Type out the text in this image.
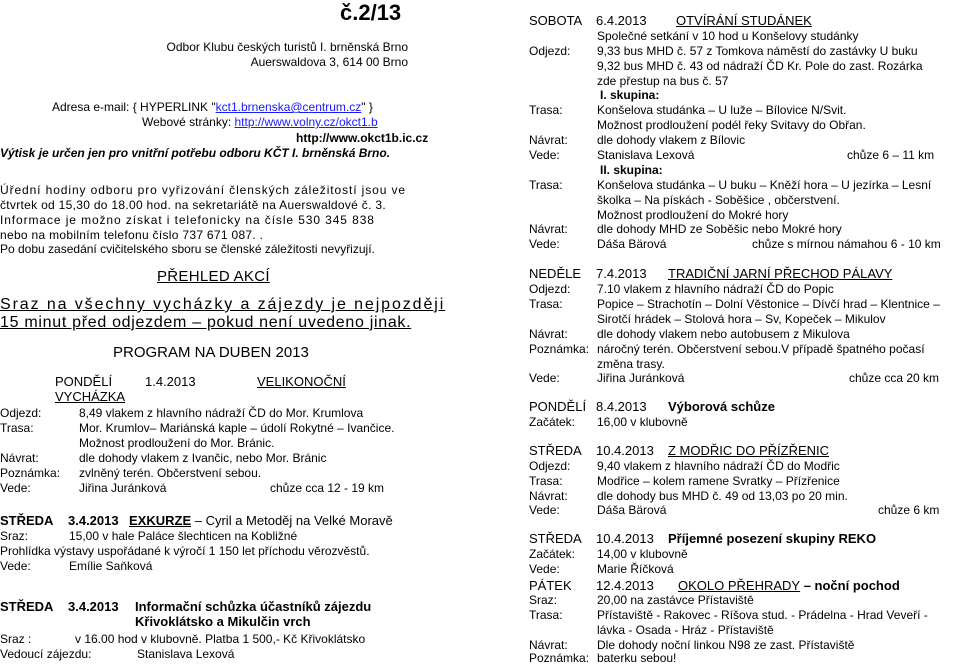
č.2/13
Odbor Klubu českých turistů I. brněnská Brno
Auerswaldova 3, 614 00 Brno
Adresa e-mail: { HYPERLINK "kct1.brnenska@centrum.cz" }
Webové stránky: http://www.volny.cz/okct1.b
http://www.okct1b.ic.cz
Výtisk je určen jen pro vnitřní potřebu odboru KČT I. brněnská Brno.
Úřední hodiny odboru pro vyřizování členských záležitostí jsou ve
čtvrtek od 15,30 do 18.00 hod. na sekretariátě na Auerswaldové č. 3.
Informace je možno získat i telefonicky na čísle 530 345 838
nebo na mobilním telefonu číslo 737 671 087. .
Po dobu zasedání cvičitelského sboru se členské záležitosti nevyřizují.
PŘEHLED AKCÍ
Sraz na všechny vycházky a zájezdy je nejpozději
15 minut před odjezdem – pokud není uvedeno jinak.
PROGRAM NA DUBEN 2013
PONDĚLÍ	1.4.2013	VELIKONOČNÍ
VYCHÁZKA
Odjezd:	8,49 vlakem z hlavního nádraží ČD do Mor. Krumlova
Trasa:	Mor. Krumlov– Mariánská kaple – údolí Rokytné – Ivančice.
Možnost prodloužení do Mor. Bránic.
Návrat:	dle dohody vlakem z Ivančic, nebo Mor. Bránic
Poznámka: zvlněný terén. Občerstvení sebou.
Vede:	Jiřina Juránková	chůze cca 12 - 19 km
STŘEDA 3.4.2013 EXKURZE – Cyril a Metoděj na Velké Moravě
Sraz:	15,00 v hale Paláce šlechticen na Kobližné
Prohlídka výstavy uspořádané k výročí 1 150 let příchodu věrozvěstů.
Vede:	Emílie Saňková
STŘEDA 3.4.2013 Informační schůzka účastníků zájezdu
Křivoklátsko a Mikulčin vrch
Sraz :	v 16.00 hod v klubovně. Platba 1 500,- Kč Křivoklátsko
Vedoucí zájezdu:	Stanislava Lexová
SOBOTA 6.4.2013 OTVÍRÁNÍ STUDÁNEK
Společné setkání v 10 hod u Konšelovy studánky
Odjezd: 9,33 bus MHD č. 57 z Tomkova náměstí do zastávky U buku
9,32 bus MHD č. 43 od nádraží ČD Kr. Pole do zast. Rozárka
zde přestup na bus č. 57
I. skupina:
Trasa:	Konšelova studánka – U luže – Bílovice N/Svit.
Možnost prodloužení podél řeky Svitavy do Obřan.
Návrat: dle dohody vlakem z Bílovic
Vede:	Stanislava Lexová	chůze 6 – 11 km
II. skupina:
Trasa:	Konšelova studánka – U buku – Kněží hora – U jezírka – Lesní
školka – Na pískách - Soběšice , občerstvení.
Možnost prodloužení do Mokré hory
Návrat: dle dohody MHD ze Soběšic nebo Mokré hory
Vede:	Dáša Bärová	chůze s mírnou námahou 6 - 10 km
NEDĚLE 7.4.2013 TRADIČNÍ JARNÍ PŘECHOD PÁLAVY
Odjezd: 7.10 vlakem z hlavního nádraží ČD do Popic
Trasa:	Popice – Strachotín – Dolní Věstonice – Dívčí hrad – Klentnice –
Sirotčí hrádek – Stolová hora – Sv, Kopeček – Mikulov
Návrat: dle dohody vlakem nebo autobusem z Mikulova
Poznámka: náročný terén. Občerstvení sebou.V případě špatného počasí
změna trasy.
Vede:	Jiřina Juránková	chůze cca 20 km
PONDĚLÍ 8.4.2013 Výborová schůze
Začátek: 16,00 v klubovně
STŘEDA 10.4.2013 Z MODŘIC DO PŘÍZŘENIC
Odjezd: 9,40 vlakem z hlavního nádraží ČD do Modřic
Trasa:	Modřice – kolem ramene Svratky – Přízřenice
Návrat: dle dohody bus MHD č. 49 od 13,03 po 20 min.
Vede:	Dáša Bärová	chůze 6 km
STŘEDA 10.4.2013 Příjemné posezení skupiny REKO
Začátek: 14,00 v klubovně
Vede:	Marie Říčková
PÁTEK 12.4.2013 OKOLO PŘEHRADY – noční pochod
Sraz:	20,00 na zastávce Přístaviště
Trasa:	Přístaviště - Rakovec - Ríšova stud. - Prádelna - Hrad Veveří -
lávka - Osada - Hráz - Přístaviště
Návrat: Dle dohody noční linkou N98 ze zast. Přístaviště
Poznámka: baterku sebou!
